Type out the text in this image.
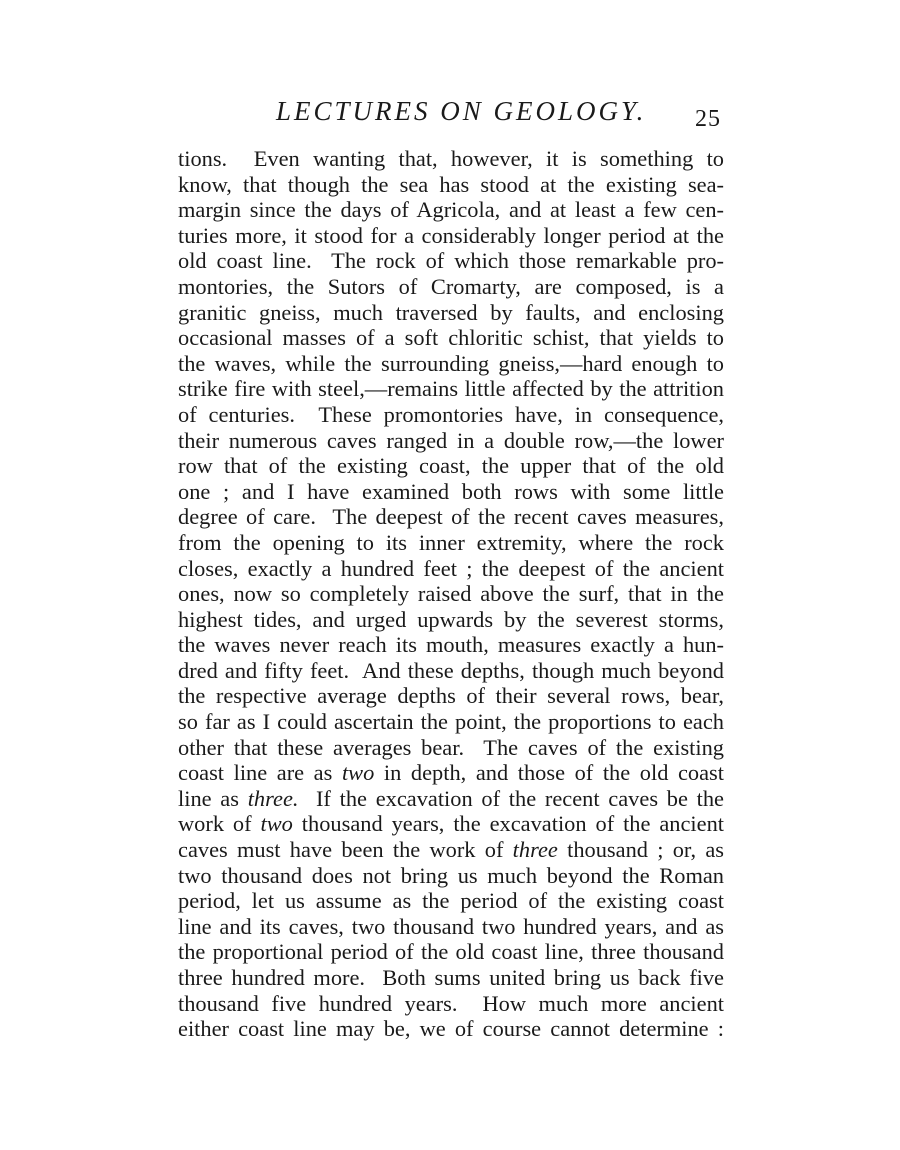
LECTURES ON GEOLOGY. 25
tions.  Even wanting that, however, it is something to
know, that though the sea has stood at the existing sea-
margin since the days of Agricola, and at least a few cen-
turies more, it stood for a considerably longer period at the
old coast line.  The rock of which those remarkable pro-
montories, the Sutors of Cromarty, are composed, is a
granitic gneiss, much traversed by faults, and enclosing
occasional masses of a soft chloritic schist, that yields to
the waves, while the surrounding gneiss,—hard enough to
strike fire with steel,—remains little affected by the attrition
of centuries.  These promontories have, in consequence,
their numerous caves ranged in a double row,—the lower
row that of the existing coast, the upper that of the old
one ; and I have examined both rows with some little
degree of care.  The deepest of the recent caves measures,
from the opening to its inner extremity, where the rock
closes, exactly a hundred feet ; the deepest of the ancient
ones, now so completely raised above the surf, that in the
highest tides, and urged upwards by the severest storms,
the waves never reach its mouth, measures exactly a hun-
dred and fifty feet.  And these depths, though much beyond
the respective average depths of their several rows, bear,
so far as I could ascertain the point, the proportions to each
other that these averages bear.  The caves of the existing
coast line are as two in depth, and those of the old coast
line as three.  If the excavation of the recent caves be the
work of two thousand years, the excavation of the ancient
caves must have been the work of three thousand ; or, as
two thousand does not bring us much beyond the Roman
period, let us assume as the period of the existing coast
line and its caves, two thousand two hundred years, and as
the proportional period of the old coast line, three thousand
three hundred more.  Both sums united bring us back five
thousand five hundred years.  How much more ancient
either coast line may be, we of course cannot determine :
